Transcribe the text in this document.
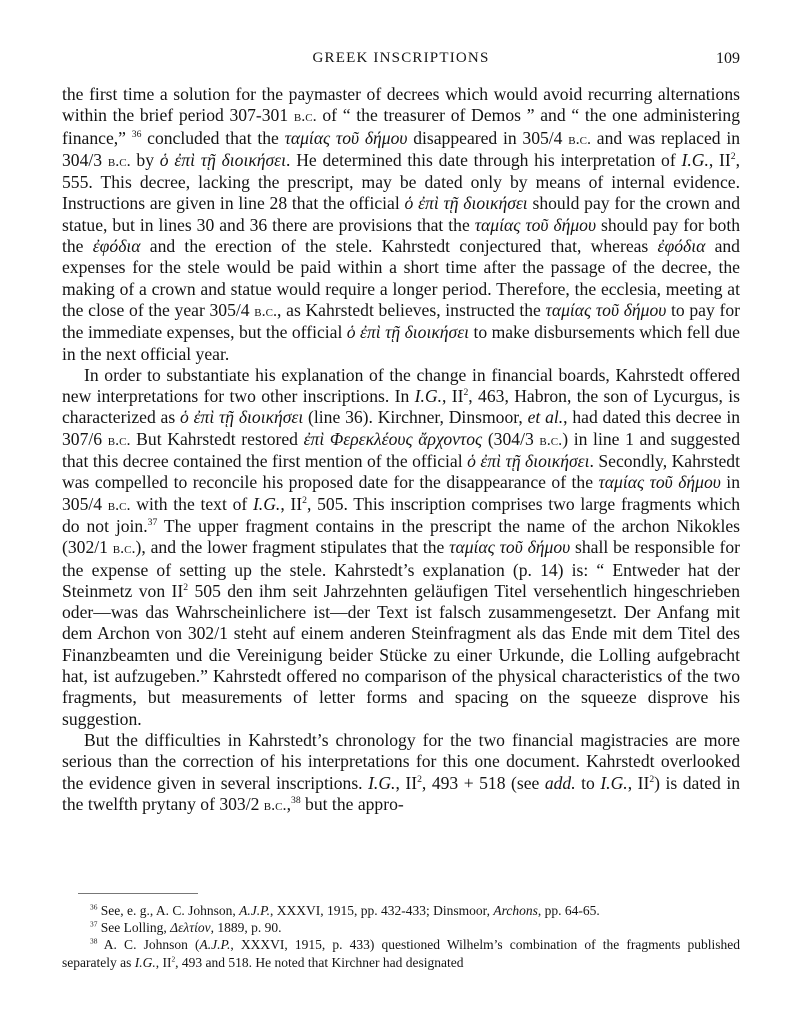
GREEK INSCRIPTIONS	109

the first time a solution for the paymaster of decrees which would avoid recurring alternations within the brief period 307-301 b.c. of “ the treasurer of Demos ” and “ the one administering finance,” $^{36}$ concluded that the ταμίας τοῦ δήμου disappeared in 305/4 b.c. and was replaced in 304/3 b.c. by ὁ ἐπὶ τῇ διοικήσει. He determined this date through his interpretation of I.G., $II^2$, 555. This decree, lacking the prescript, may be dated only by means of internal evidence. Instructions are given in line 28 that the official ὁ ἐπὶ τῇ διοικήσει should pay for the crown and statue, but in lines 30 and 36 there are provisions that the ταμίας τοῦ δήμου should pay for both the ἐφόδια and the erection of the stele. Kahrstedt conjectured that, whereas ἐφόδια and expenses for the stele would be paid within a short time after the passage of the decree, the making of a crown and statue would require a longer period. Therefore, the ecclesia, meeting at the close of the year 305/4 b.c., as Kahrstedt believes, instructed the ταμίας τοῦ δήμου to pay for the immediate expenses, but the official ὁ ἐπὶ τῇ διοικήσει to make disbursements which fell due in the next official year.

In order to substantiate his explanation of the change in financial boards, Kahrstedt offered new interpretations for two other inscriptions. In I.G., $II^2$, 463, Habron, the son of Lycurgus, is characterized as ὁ ἐπὶ τῇ διοικήσει (line 36). Kirchner, Dinsmoor, et al., had dated this decree in 307/6 b.c. But Kahrstedt restored ἐπὶ Φερεκλέους ἄρχοντος (304/3 b.c.) in line 1 and suggested that this decree contained the first mention of the official ὁ ἐπὶ τῇ διοικήσει. Secondly, Kahrstedt was compelled to reconcile his proposed date for the disappearance of the ταμίας τοῦ δήμου in 305/4 b.c. with the text of I.G., $II^2$, 505. This inscription comprises two large fragments which do not join.$^{37}$ The upper fragment contains in the prescript the name of the archon Nikokles (302/1 b.c.), and the lower fragment stipulates that the ταμίας τοῦ δήμου shall be responsible for the expense of setting up the stele. Kahrstedt’s explanation (p. 14) is: “ Entweder hat der Steinmetz von $II^2$ 505 den ihm seit Jahrzehnten geläufigen Titel versehentlich hingeschrieben oder—was das Wahrscheinlichere ist—der Text ist falsch zusammengesetzt. Der Anfang mit dem Archon von 302/1 steht auf einem anderen Steinfragment als das Ende mit dem Titel des Finanzbeamten und die Vereinigung beider Stücke zu einer Urkunde, die Lolling aufgebracht hat, ist aufzugeben.” Kahrstedt offered no comparison of the physical characteristics of the two fragments, but measurements of letter forms and spacing on the squeeze disprove his suggestion.

But the difficulties in Kahrstedt’s chronology for the two financial magistracies are more serious than the correction of his interpretations for this one document. Kahrstedt overlooked the evidence given in several inscriptions. I.G., $II^2$, 493 + 518 (see add. to I.G., $II^2$) is dated in the twelfth prytany of 303/2 b.c.,$^{38}$ but the appro-

$^{36}$ See, e. g., A. C. Johnson, A.J.P., XXXVI, 1915, pp. 432-433; Dinsmoor, Archons, pp. 64-65.

$^{37}$ See Lolling, Δελτίον, 1889, p. 90.

$^{38}$ A. C. Johnson (A.J.P., XXXVI, 1915, p. 433) questioned Wilhelm’s combination of the fragments published separately as I.G., $II^2$, 493 and 518. He noted that Kirchner had designated
